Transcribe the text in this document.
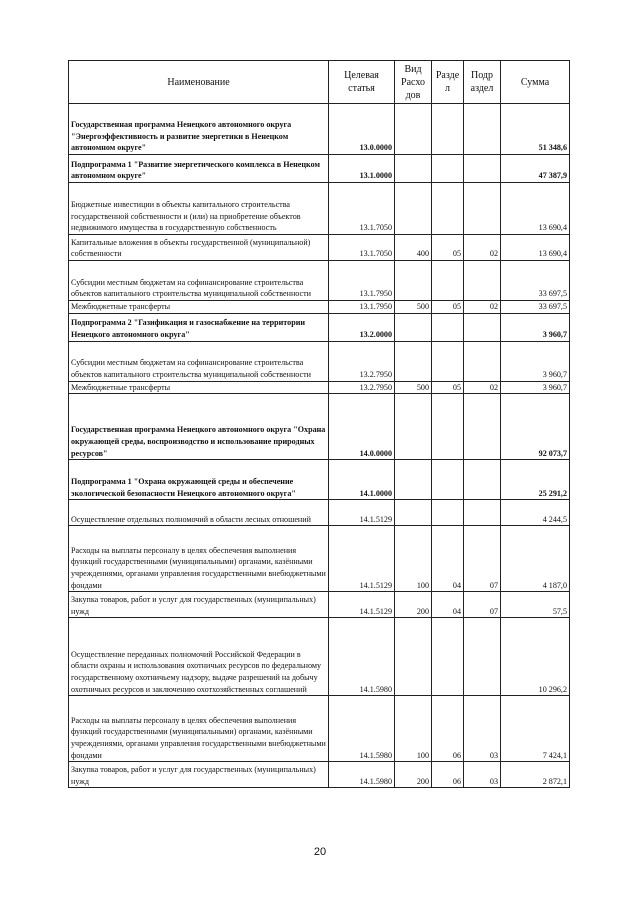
Наименование	Целевая статья	Вид Расхо дов	Разде л	Подр аздел	Сумма
Государственная программа Ненецкого автономного округа "Энергоэффективность и развитие энергетики в Ненецком автономном округе"	13.0.0000				51 348,6
Подпрограмма 1 "Развитие энергетического комплекса в Ненецком автономном округе"	13.1.0000				47 387,9
Бюджетные инвестиции в объекты капитального строительства государственной собственности и (или) на приобретение объектов недвижимого имущества в государственную собственность	13.1.7050				13 690,4
Капитальные вложения в объекты государственной (муниципальной) собственности	13.1.7050	400	05	02	13 690,4
Субсидии местным бюджетам на софинансирование строительства объектов капитального строительства муниципальной собственности	13.1.7950				33 697,5
Межбюджетные трансферты	13.1.7950	500	05	02	33 697,5
Подпрограмма 2 "Газификация и газоснабжение на территории Ненецкого автономного округа"	13.2.0000				3 960,7
Субсидии местным бюджетам на софинансирование строительства объектов капитального строительства муниципальной собственности	13.2.7950				3 960,7
Межбюджетные трансферты	13.2.7950	500	05	02	3 960,7
Государственная программа Ненецкого автономного округа "Охрана окружающей среды, воспроизводство и использование природных ресурсов"	14.0.0000				92 073,7
Подпрограмма 1 "Охрана окружающей среды и обеспечение экологической безопасности Ненецкого автономного округа"	14.1.0000				25 291,2
Осуществление отдельных полномочий в области лесных отношений	14.1.5129				4 244,5
Расходы на выплаты персоналу в целях обеспечения выполнения функций государственными (муниципальными) органами, казёнными учреждениями, органами управления государственными внебюджетными фондами	14.1.5129	100	04	07	4 187,0
Закупка товаров, работ и услуг для государственных (муниципальных) нужд	14.1.5129	200	04	07	57,5
Осуществление переданных полномочий Российской Федерации в области охраны и использования охотничьих ресурсов по федеральному государственному охотничьему надзору, выдаче разрешений на добычу охотничьих ресурсов и заключению охотхозяйственных соглашений	14.1.5980				10 296,2
Расходы на выплаты персоналу в целях обеспечения выполнения функций государственными (муниципальными) органами, казёнными учреждениями, органами управления государственными внебюджетными фондами	14.1.5980	100	06	03	7 424,1
Закупка товаров, работ и услуг для государственных (муниципальных) нужд	14.1.5980	200	06	03	2 872,1
20
